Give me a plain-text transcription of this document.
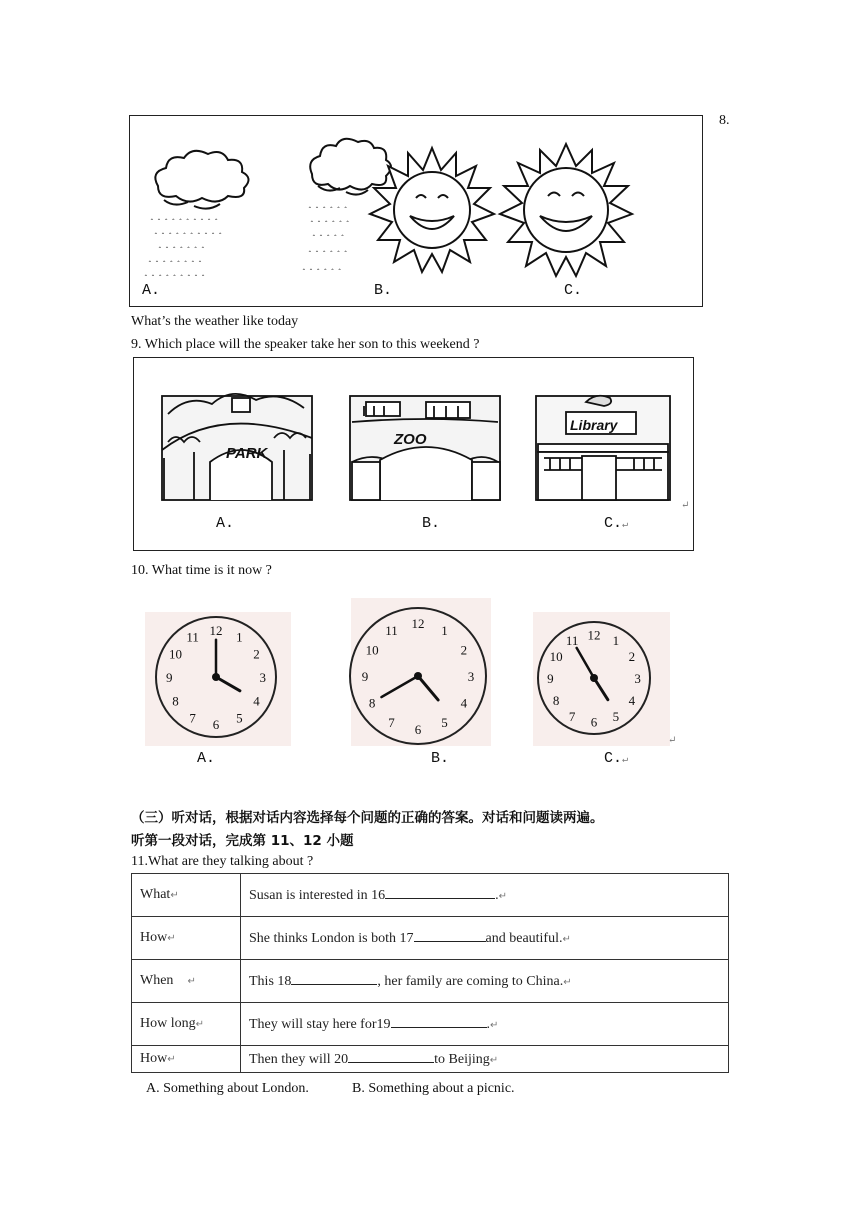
8.
˰ ˰ ˰ ˰ ˰ ˰ ˰ ˰ ˰ ˰
˰ ˰ ˰ ˰ ˰ ˰ ˰ ˰ ˰ ˰
˰ ˰ ˰ ˰ ˰ ˰ ˰
˰ ˰ ˰ ˰ ˰ ˰ ˰ ˰
˰ ˰ ˰ ˰ ˰ ˰ ˰ ˰ ˰
˰ ˰ ˰ ˰ ˰ ˰
˰ ˰ ˰ ˰ ˰ ˰
˰ ˰ ˰ ˰ ˰
˰ ˰ ˰ ˰ ˰ ˰
˰ ˰ ˰ ˰ ˰ ˰
A.	B.	C.
What’s the weather like today
9. Which place will the speaker take her son to this weekend ?
PARK
ZOO
Library
A.	B.	C.↵
↵
10. What time is it now ?
12 1
2
3
4
5
6
7
8
9
10
11
12 1
2
3
4
5
6
7
8
9
10
11	12 1
2
3
4
5
6
7
8
9
10
11
A.	B.	C.↵
↵
（三）听对话，根据对话内容选择每个问题的正确的答案。对话和问题读两遍。
听第一段对话，完成第 11、12 小题
11.What are they talking about ?
What↵	Susan is interested in 16 .↵
How↵	She thinks London is both 17 and beautiful.↵
When ↵	This 18 , her family are coming to China.↵
How long↵	They will stay here for19 .↵
How↵	Then they will 20 to Beijing↵
A. Something about London.	B. Something about a picnic.
